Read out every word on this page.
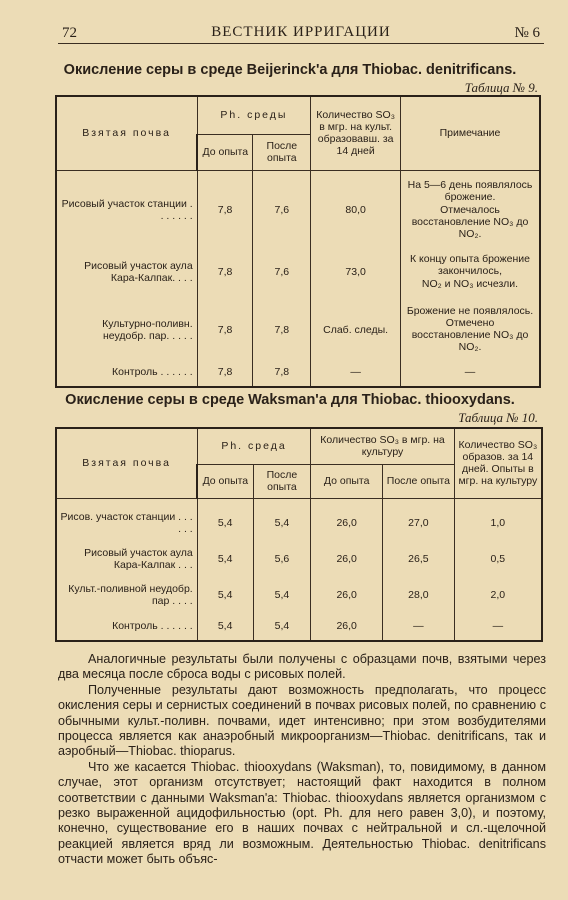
72	ВЕСТНИК ИРРИГАЦИИ	№ 6
Окисление серы в среде Beijerinck'а для Thiobac. denitrificans.
Таблица № 9.
Взятая почва	Ph. среды		Количество SO₃ в мгр. на культ. образовавш. за 14 дней	Примечание
	До опыта	После опыта		

Рисовый участок станции . . . . . . .	7,8	7,6	80,0	На 5—6 день появлялось брожение.
Отмечалось восстановление NO₃ до NO₂.

Рисовый участок аула Кара-Калпак. . . .	7,8	7,6	73,0	К концу опыта брожение закончилось,
NO₂ и NO₃ исчезли.

Культурно-поливн. неудобр. пар. . . . .	7,8	7,8	Слаб. следы.	Брожение не появлялось. Отмечено восстановление NO₃ до NO₂.

Контроль . . . . . .	7,8	7,8	—	—
Окисление серы в среде Waksman'а для Thiobac. thiooxydans.
Таблица № 10.
Взятая почва	Ph. среда		Количество SO₃ в мгр. на культуру		Количество SO₃ образов. за 14 дней. Опыты в мгр. на культуру
	До опыта	После опыта	До опыта	После опыта	

Рисов. участок станции . . . . . .	5,4	5,4	26,0	27,0	1,0
Рисовый участок аула Кара-Калпак . . .	5,4	5,6	26,0	26,5	0,5
Культ.-поливной неудобр. пар . . . .	5,4	5,4	26,0	28,0	2,0
Контроль . . . . . .	5,4	5,4	26,0	—	—

Аналогичные результаты были получены с образцами почв, взятыми через два месяца после сброса воды с рисовых полей.

Полученные результаты дают возможность предполагать, что процесс окисления серы и сернистых соединений в почвах рисовых полей, по сравнению с обычными культ.-поливн. почвами, идет интенсивно; при этом возбудителями процесса является как анаэробный микроорганизм—Thiobac. denitrificans, так и аэробный—Thiobac. thioparus.

Что же касается Thiobac. thiooxydans (Waksman), то, повидимому, в данном случае, этот организм отсутствует; настоящий факт находится в полном соответствии с данными Waksman'а: Thiobac. thiooxydans является организмом с резко выраженной ацидофильностью (opt. Ph. для него равен 3,0), и поэтому, конечно, существование его в наших почвах с нейтральной и сл.-щелочной реакцией является вряд ли возможным. Деятельностью Thiobac. denitrificans отчасти может быть объяс-
